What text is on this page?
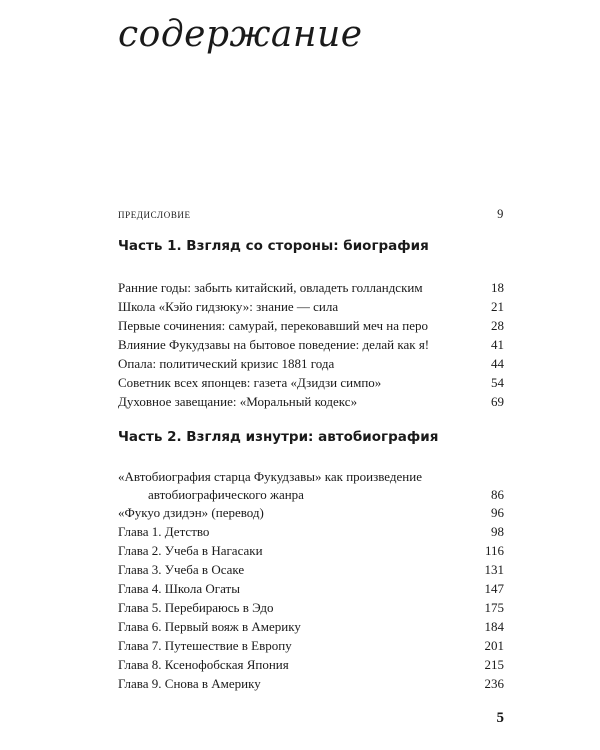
содержание
предисловие	9
Часть 1. Взгляд со стороны: биография
Ранние годы: забыть китайский, овладеть голландским	18
Школа «Кэйо гидзюку»: знание — сила	21
Первые сочинения: самурай, перековавший меч на перо	28
Влияние Фукудзавы на бытовое поведение: делай как я!	41
Опала: политический кризис 1881 года	44
Советник всех японцев: газета «Дзидзи симпо»	54
Духовное завещание: «Моральный кодекс»	69
Часть 2. Взгляд изнутри: автобиография
«Автобиография старца Фукудзавы» как произведение
автобиографического жанра	86
«Фукуо дзидэн» (перевод)	96
Глава 1. Детство	98
Глава 2. Учеба в Нагасаки	116
Глава 3. Учеба в Осаке	131
Глава 4. Школа Огаты	147
Глава 5. Перебираюсь в Эдо	175
Глава 6. Первый вояж в Америку	184
Глава 7. Путешествие в Европу	201
Глава 8. Ксенофобская Япония	215
Глава 9. Снова в Америку	236
5
